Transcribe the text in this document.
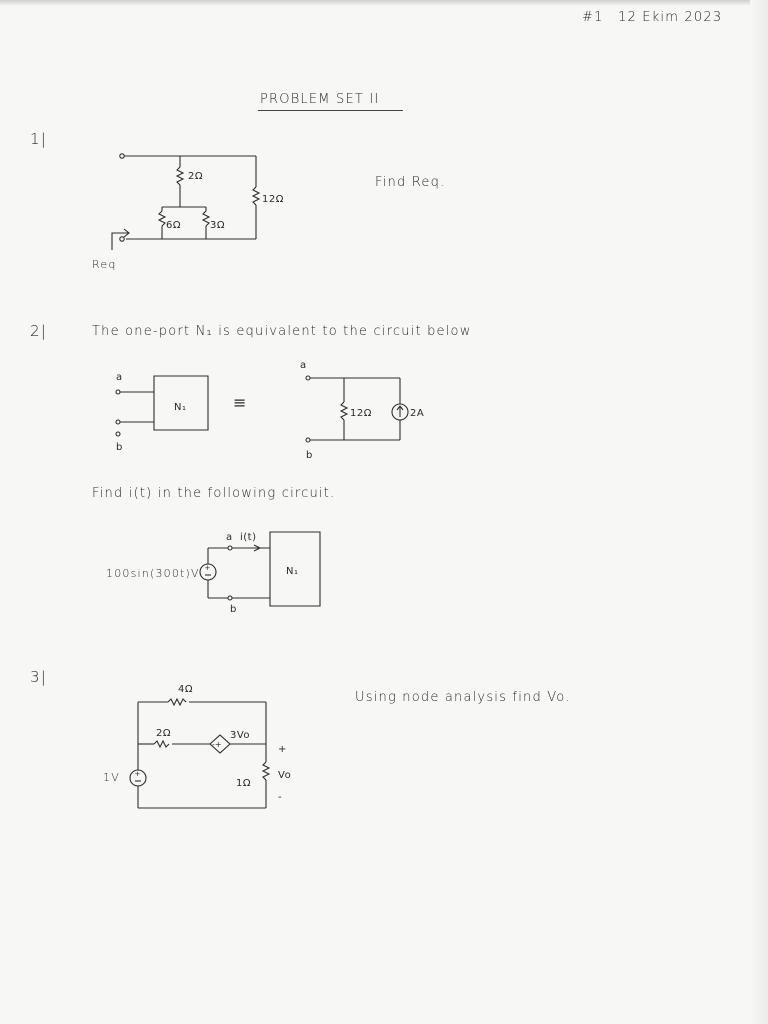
#1 12 Ekim 2023
PROBLEM SET II
1|
Find Req.
2Ω
6Ω	3Ω
12Ω
Req
2|	The one-port N₁ is equivalent to the circuit below
a
N₁
b
≡
a
b
12Ω	2A
Find i(t) in the following circuit.
a i(t)
+
b
N₁
100sin(300t)V
3|
Using node analysis find Vo.
+
4Ω
2Ω
-+
3Vo
1Ω
+
Vo
-
1V
